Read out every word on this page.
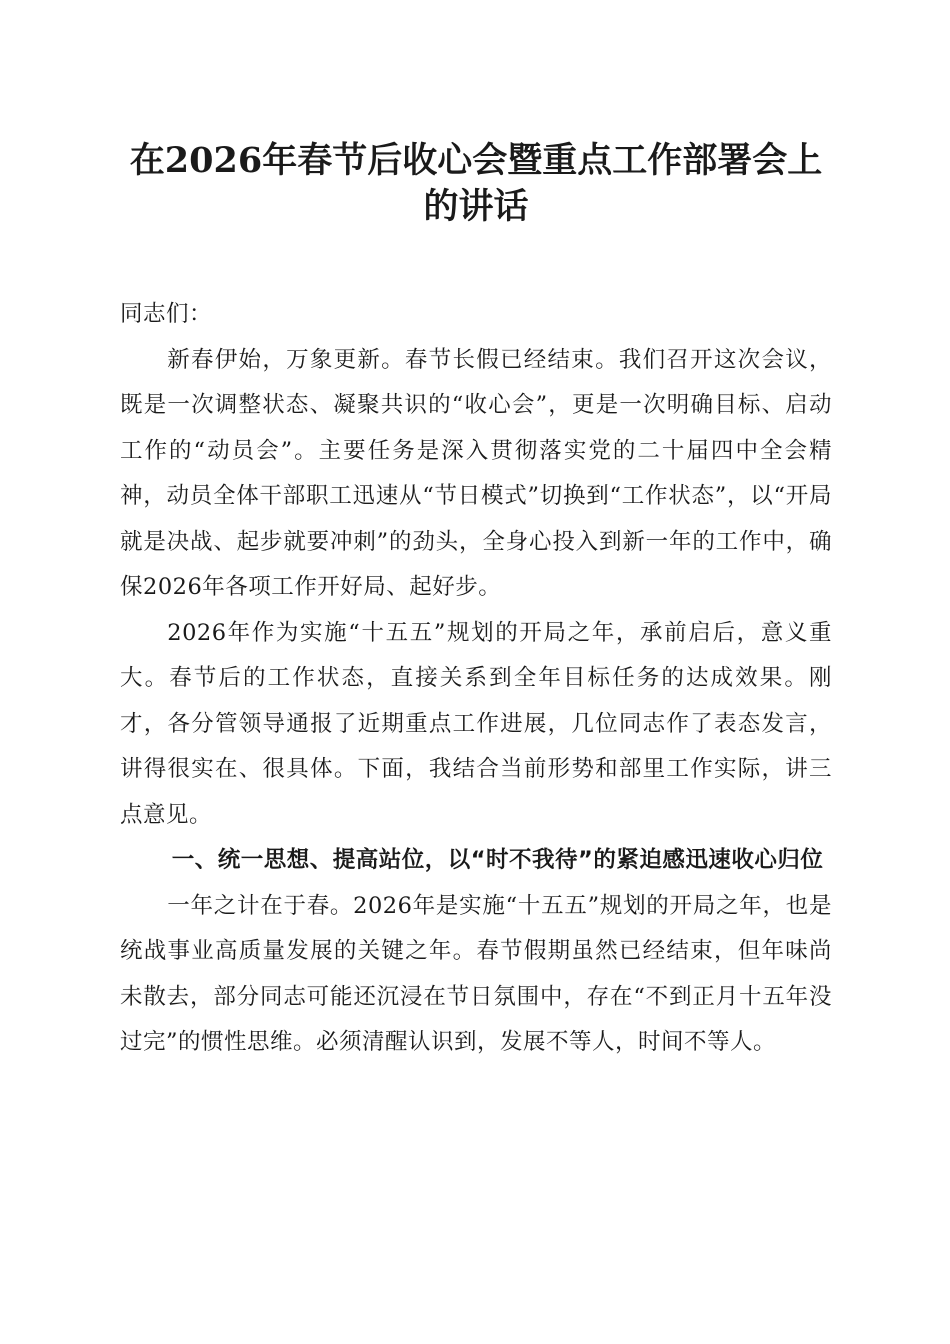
在2026年春节后收心会暨重点工作部署会上
的讲话

同志们：

新春伊始，万象更新。春节长假已经结束。我们召开这次会议，既是一次调整状态、凝聚共识的“收心会”，更是一次明确目标、启动工作的“动员会”。主要任务是深入贯彻落实党的二十届四中全会精神，动员全体干部职工迅速从“节日模式”切换到“工作状态”，以“开局就是决战、起步就要冲刺”的劲头，全身心投入到新一年的工作中，确保2026年各项工作开好局、起好步。

2026年作为实施“十五五”规划的开局之年，承前启后，意义重大。春节后的工作状态，直接关系到全年目标任务的达成效果。刚才，各分管领导通报了近期重点工作进展，几位同志作了表态发言，讲得很实在、很具体。下面，我结合当前形势和部里工作实际，讲三点意见。

一、统一思想、提高站位，以“时不我待”的紧迫感迅速收心归位

一年之计在于春。2026年是实施“十五五”规划的开局之年，也是统战事业高质量发展的关键之年。春节假期虽然已经结束，但年味尚未散去，部分同志可能还沉浸在节日氛围中，存在“不到正月十五年没过完”的惯性思维。必须清醒认识到，发展不等人，时间不等人。
